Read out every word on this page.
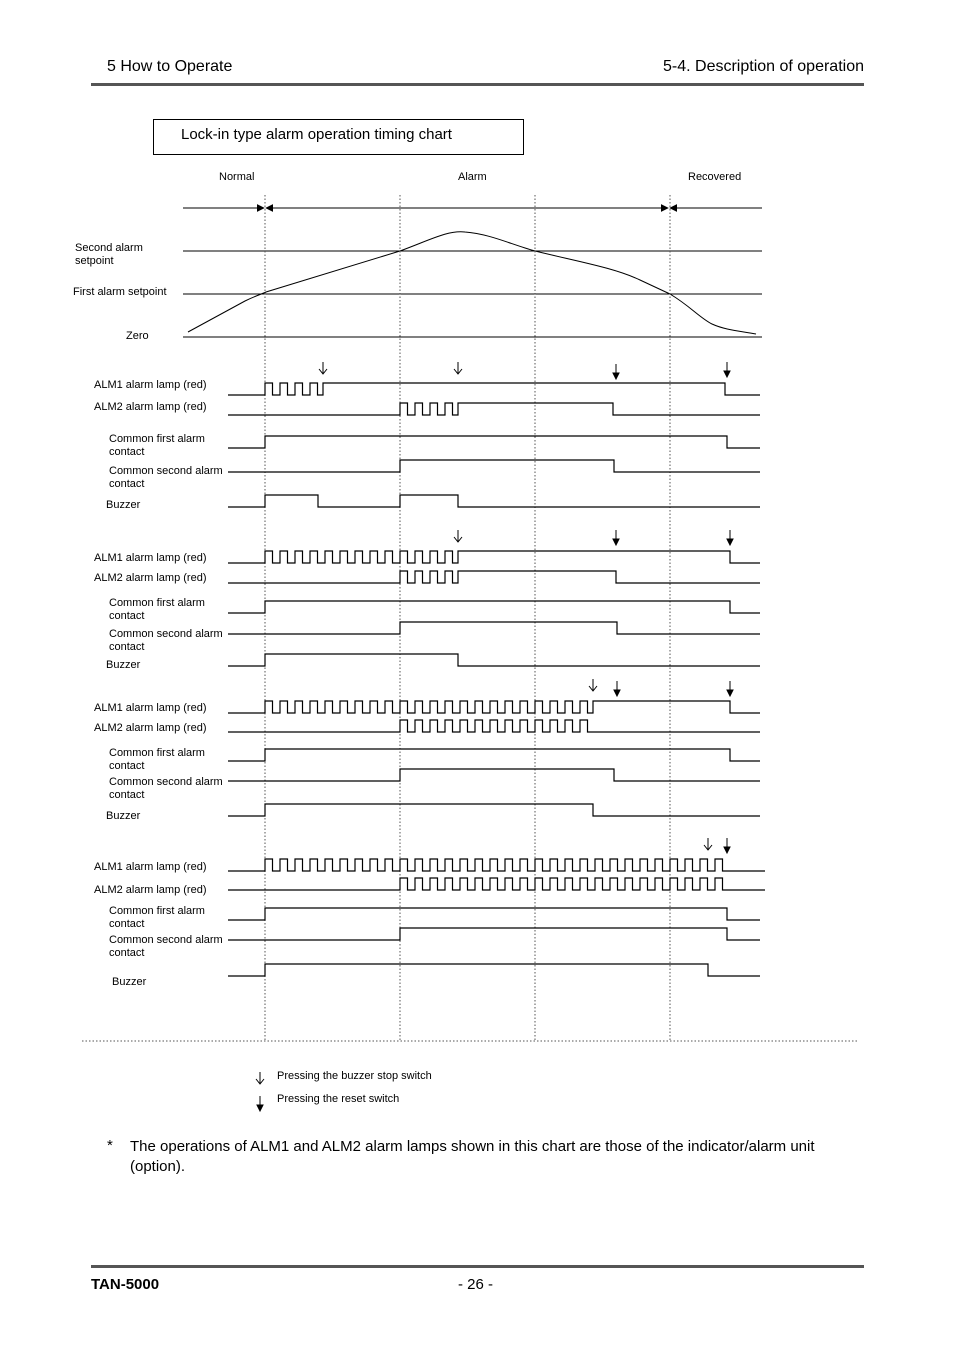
5 How to Operate	5-4. Description of operation
Lock-in type alarm operation timing chart
Normal	Alarm	Recovered
Second alarm
setpoint
First alarm setpoint
Zero
ALM1 alarm lamp (red)
ALM2 alarm lamp (red)
Common first alarm
contact
Common second alarm
contact
Buzzer
ALM1 alarm lamp (red)
ALM2 alarm lamp (red)
Common first alarm
contact
Common second alarm
contact
Buzzer
ALM1 alarm lamp (red)
ALM2 alarm lamp (red)
Common first alarm
contact
Common second alarm
contact
Buzzer
ALM1 alarm lamp (red)
ALM2 alarm lamp (red)
Common first alarm
contact
Common second alarm
contact
Buzzer
Pressing the buzzer stop switch
Pressing the reset switch
* The operations of ALM1 and ALM2 alarm lamps shown in this chart are those of the indicator/alarm unit (option).
TAN-5000	- 26 -
